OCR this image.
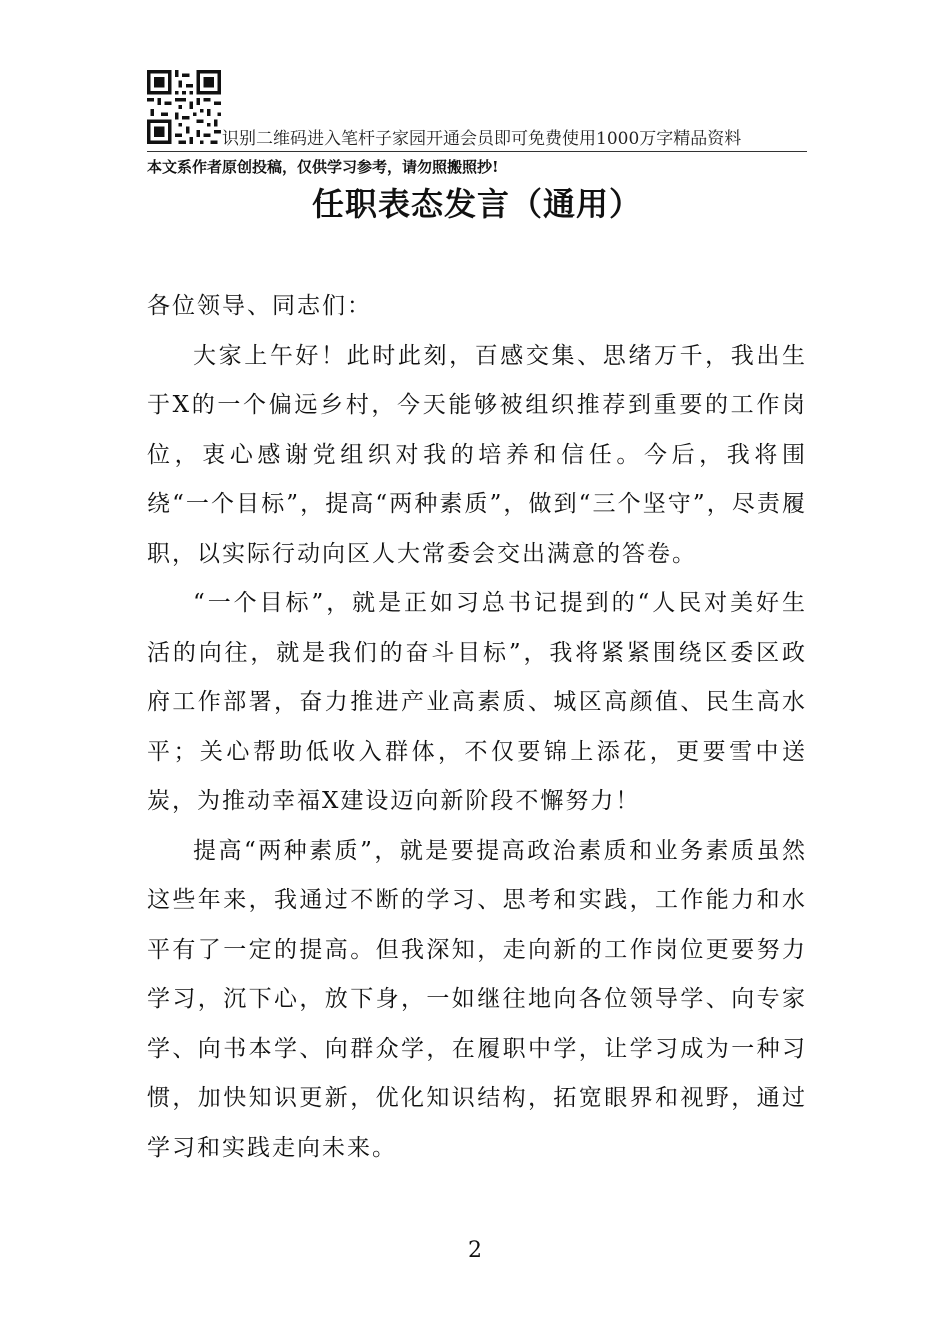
识别二维码进入笔杆子家园开通会员即可免费使用1000万字精品资料
本文系作者原创投稿，仅供学习参考，请勿照搬照抄!
任职表态发言（通用）

各位领导、同志们：

大家上午好！此时此刻，百感交集、思绪万千，我出生于X的一个偏远乡村，今天能够被组织推荐到重要的工作岗位，衷心感谢党组织对我的培养和信任。今后，我将围绕“一个目标”，提高“两种素质”，做到“三个坚守”，尽责履职，以实际行动向区人大常委会交出满意的答卷。

“一个目标”，就是正如习总书记提到的“人民对美好生活的向往，就是我们的奋斗目标”，我将紧紧围绕区委区政府工作部署，奋力推进产业高素质、城区高颜值、民生高水平；关心帮助低收入群体，不仅要锦上添花，更要雪中送炭，为推动幸福X建设迈向新阶段不懈努力！

提高“两种素质”，就是要提高政治素质和业务素质虽然这些年来，我通过不断的学习、思考和实践，工作能力和水平有了一定的提高。但我深知，走向新的工作岗位更要努力学习，沉下心，放下身，一如继往地向各位领导学、向专家学、向书本学、向群众学，在履职中学，让学习成为一种习惯，加快知识更新，优化知识结构，拓宽眼界和视野，通过学习和实践走向未来。

2
